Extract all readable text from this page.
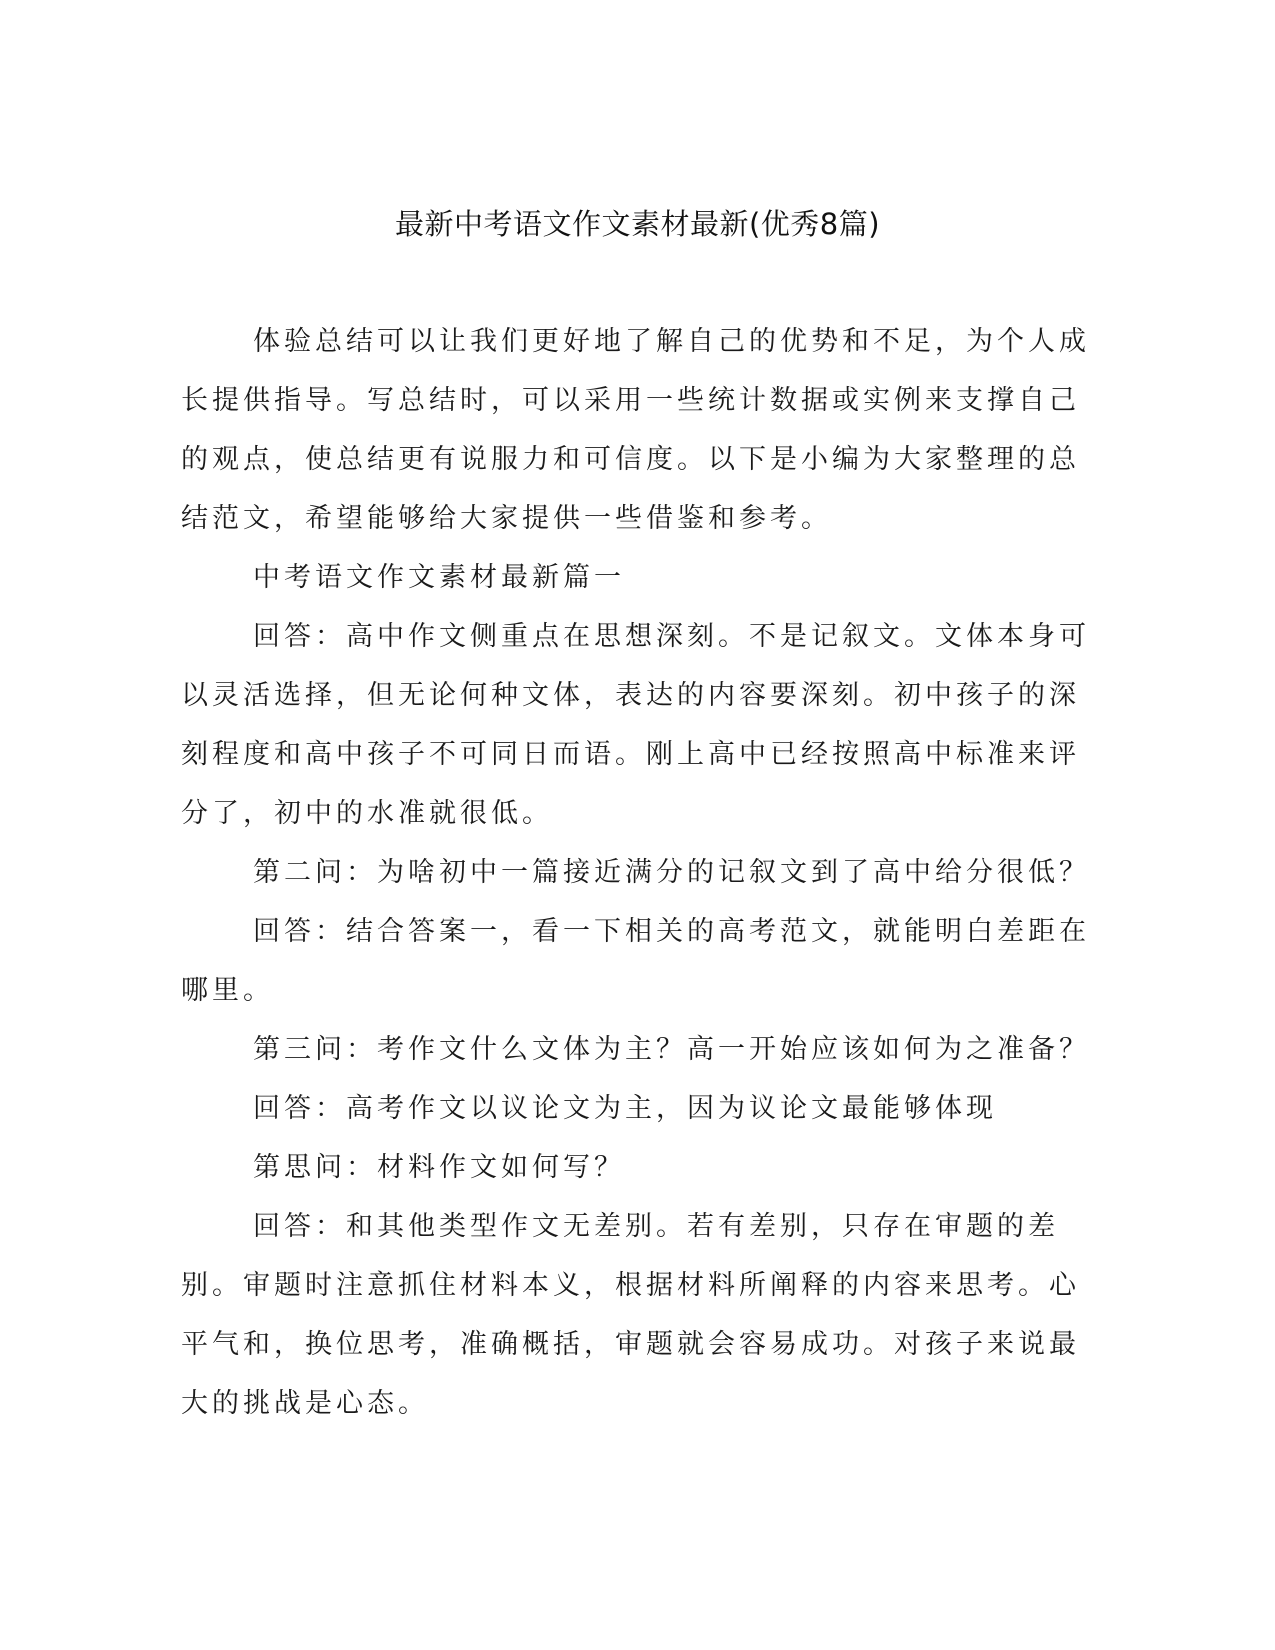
最新中考语文作文素材最新(优秀8篇)

体验总结可以让我们更好地了解自己的优势和不足，为个人成长提供指导。写总结时，可以采用一些统计数据或实例来支撑自己的观点，使总结更有说服力和可信度。以下是小编为大家整理的总结范文，希望能够给大家提供一些借鉴和参考。

中考语文作文素材最新篇一

回答：高中作文侧重点在思想深刻。不是记叙文。文体本身可以灵活选择，但无论何种文体，表达的内容要深刻。初中孩子的深刻程度和高中孩子不可同日而语。刚上高中已经按照高中标准来评分了，初中的水准就很低。

第二问：为啥初中一篇接近满分的记叙文到了高中给分很低？

回答：结合答案一，看一下相关的高考范文，就能明白差距在哪里。

第三问：考作文什么文体为主？高一开始应该如何为之准备？

回答：高考作文以议论文为主，因为议论文最能够体现

第思问：材料作文如何写？

回答：和其他类型作文无差别。若有差别，只存在审题的差别。审题时注意抓住材料本义，根据材料所阐释的内容来思考。心平气和，换位思考，准确概括，审题就会容易成功。对孩子来说最大的挑战是心态。
